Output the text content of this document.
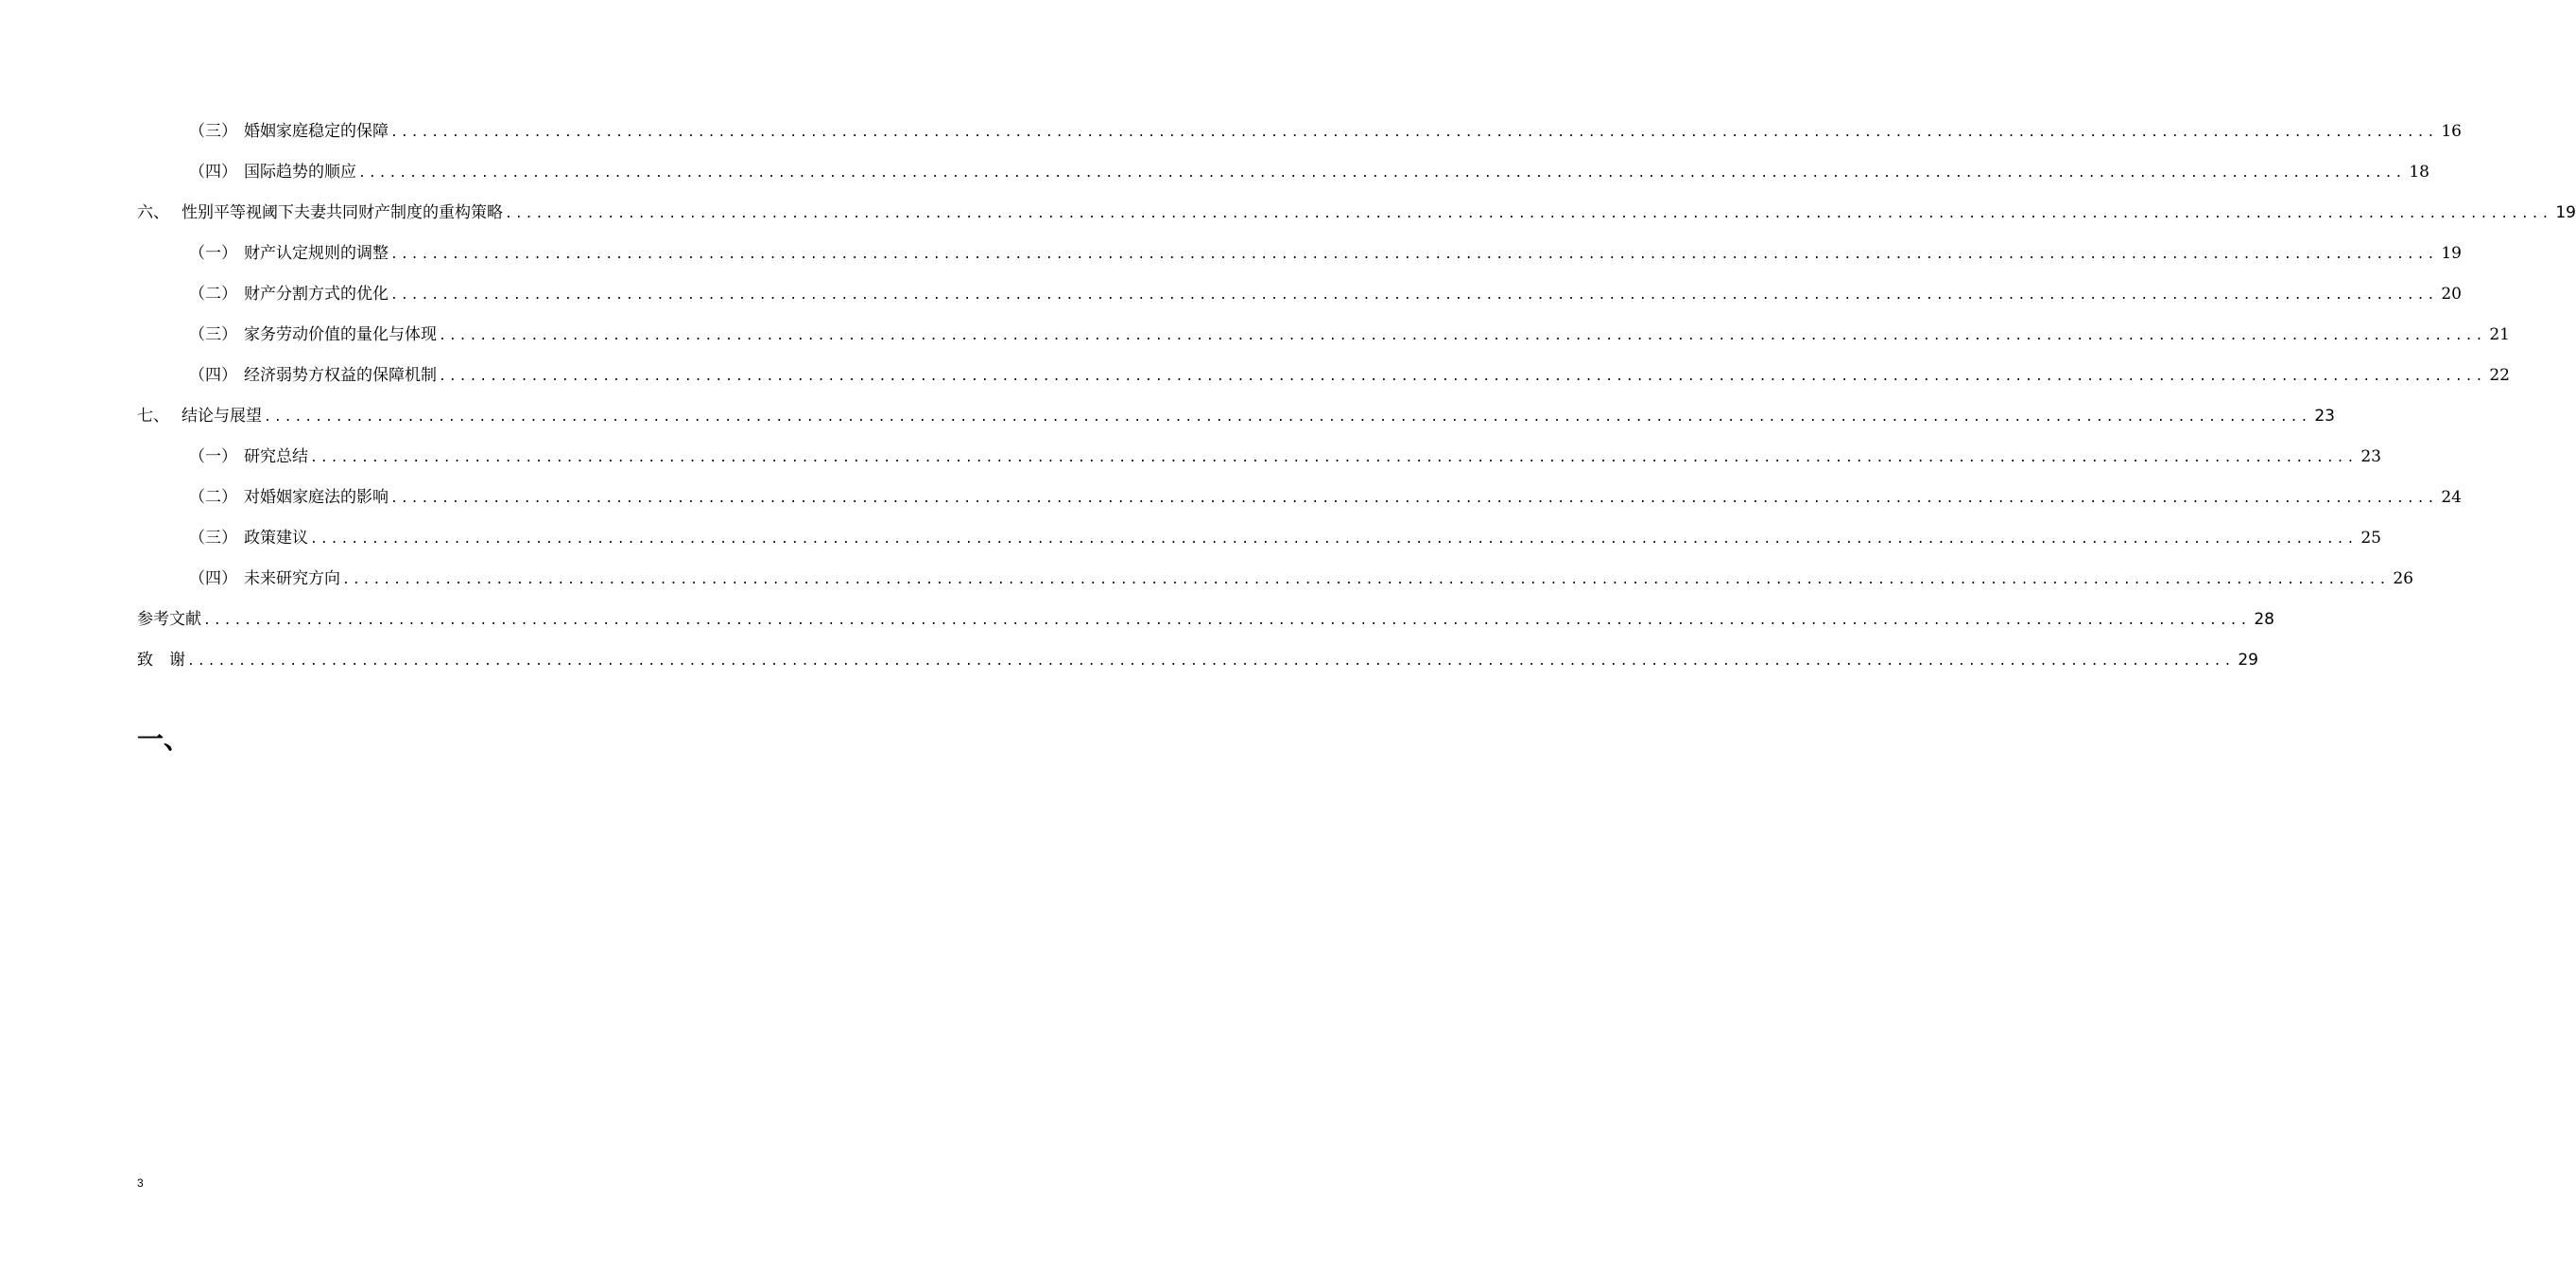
（三） 婚姻家庭稳定的保障 ........................................................................................................................................................................................................ 16
（四） 国际趋势的顺应 ........................................................................................................................................................................................................ 18
六、 性别平等视阈下夫妻共同财产制度的重构策略 ........................................................................................................................................................................................................ 19
（一） 财产认定规则的调整 ........................................................................................................................................................................................................ 19
（二） 财产分割方式的优化 ........................................................................................................................................................................................................ 20
（三） 家务劳动价值的量化与体现 ........................................................................................................................................................................................................ 21
（四） 经济弱势方权益的保障机制 ........................................................................................................................................................................................................ 22
七、 结论与展望 ........................................................................................................................................................................................................ 23
（一） 研究总结 ........................................................................................................................................................................................................ 23
（二） 对婚姻家庭法的影响 ........................................................................................................................................................................................................ 24
（三） 政策建议 ........................................................................................................................................................................................................ 25
（四） 未来研究方向 ........................................................................................................................................................................................................ 26
参考文献 ........................................................................................................................................................................................................ 28
致　谢 ........................................................................................................................................................................................................ 29
一、
3
